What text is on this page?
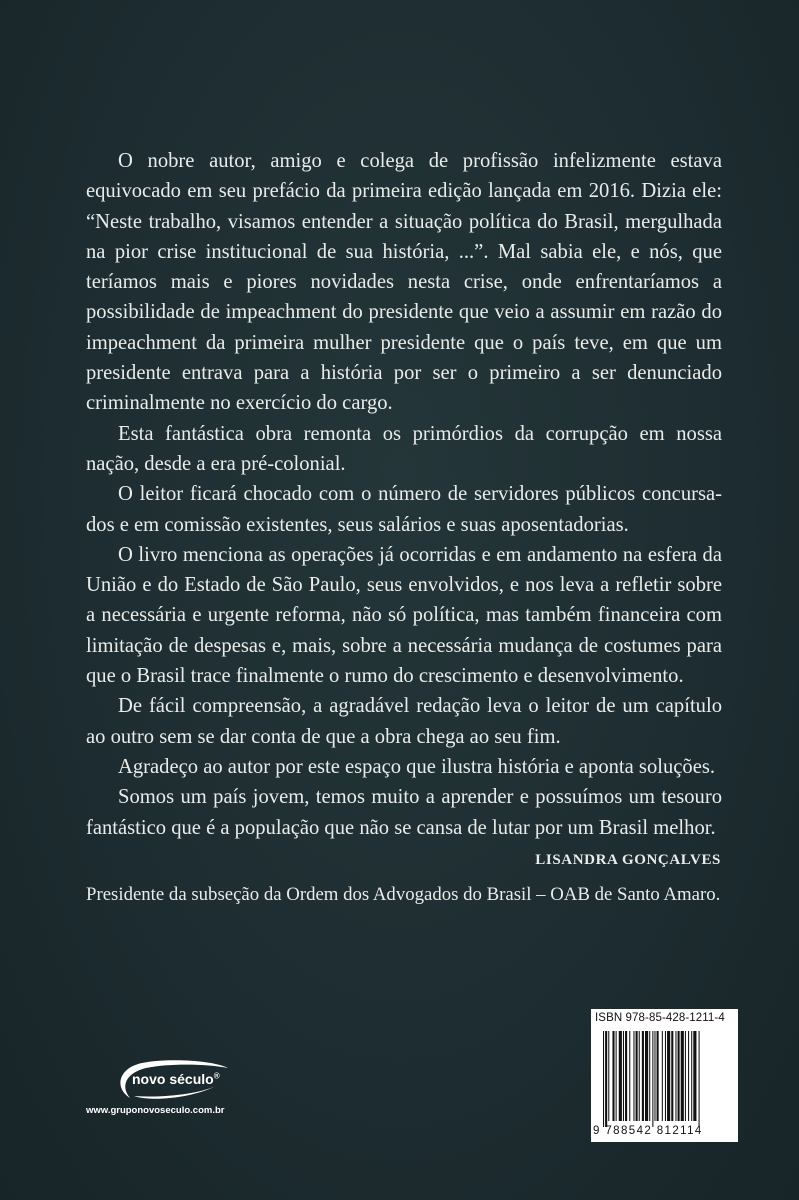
O nobre autor, amigo e colega de profissão infelizmente estava equivocado em seu prefácio da primeira edição lançada em 2016. Dizia ele: “Neste trabalho, visamos entender a situação política do Brasil, mergulhada na pior crise institucional de sua história, ...”. Mal sabia ele, e nós, que teríamos mais e piores novidades nesta crise, onde enfrentaríamos a possibilidade de impeachment do presidente que veio a assumir em razão do impeachment da primeira mulher presidente que o país teve, em que um presidente entrava para a história por ser o primeiro a ser denunciado criminalmente no exercício do cargo.

Esta fantástica obra remonta os primórdios da corrupção em nossa nação, desde a era pré-colonial.

O leitor ficará chocado com o número de servidores públicos concursados e em comissão existentes, seus salários e suas aposentadorias.

O livro menciona as operações já ocorridas e em andamento na esfera da União e do Estado de São Paulo, seus envolvidos, e nos leva a refletir sobre a necessária e urgente reforma, não só política, mas também financeira com limitação de despesas e, mais, sobre a necessária mudança de costumes para que o Brasil trace finalmente o rumo do crescimento e desenvolvimento.

De fácil compreensão, a agradável redação leva o leitor de um capítulo ao outro sem se dar conta de que a obra chega ao seu fim.

Agradeço ao autor por este espaço que ilustra história e aponta soluções.

Somos um país jovem, temos muito a aprender e possuímos um tesouro fantástico que é a população que não se cansa de lutar por um Brasil melhor.

LISANDRA GONÇALVES
Presidente da subseção da Ordem dos Advogados do Brasil – OAB de Santo Amaro.
novo século®
www.gruponovoseculo.com.br
ISBN 978-85-428-1211-4
9 788542 812114
